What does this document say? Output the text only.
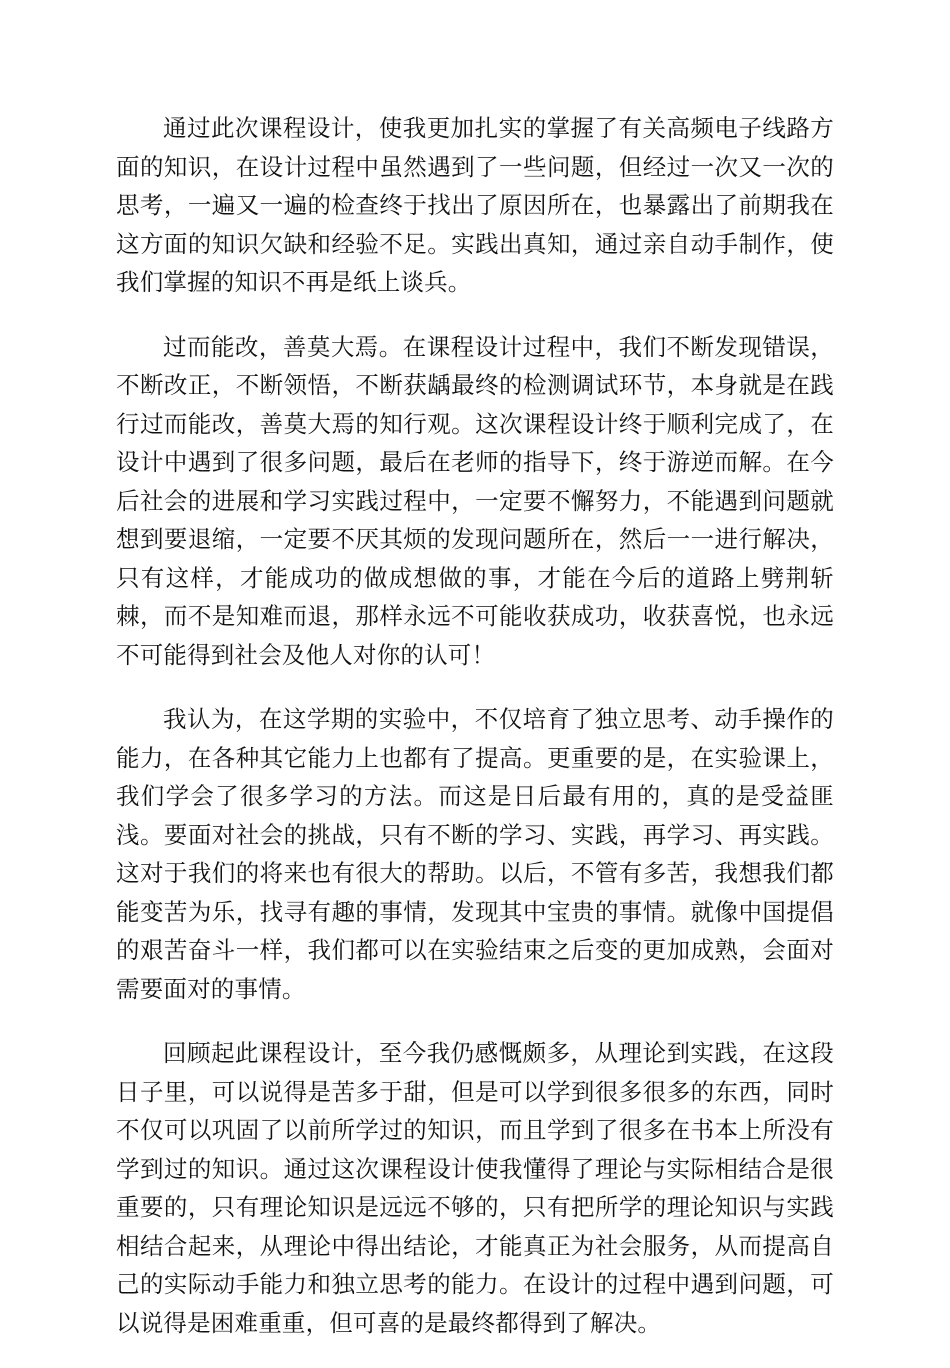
通过此次课程设计，使我更加扎实的掌握了有关高频电子线路方面的知识，在设计过程中虽然遇到了一些问题，但经过一次又一次的思考，一遍又一遍的检查终于找出了原因所在，也暴露出了前期我在这方面的知识欠缺和经验不足。实践出真知，通过亲自动手制作，使我们掌握的知识不再是纸上谈兵。

过而能改，善莫大焉。在课程设计过程中，我们不断发现错误，不断改正，不断领悟，不断获龋最终的检测调试环节，本身就是在践行过而能改，善莫大焉的知行观。这次课程设计终于顺利完成了，在设计中遇到了很多问题，最后在老师的指导下，终于游逆而解。在今后社会的进展和学习实践过程中，一定要不懈努力，不能遇到问题就想到要退缩，一定要不厌其烦的发现问题所在，然后一一进行解决，只有这样，才能成功的做成想做的事，才能在今后的道路上劈荆斩棘，而不是知难而退，那样永远不可能收获成功，收获喜悦，也永远不可能得到社会及他人对你的认可！

我认为，在这学期的实验中，不仅培育了独立思考、动手操作的能力，在各种其它能力上也都有了提高。更重要的是，在实验课上，我们学会了很多学习的方法。而这是日后最有用的，真的是受益匪浅。要面对社会的挑战，只有不断的学习、实践，再学习、再实践。这对于我们的将来也有很大的帮助。以后，不管有多苦，我想我们都能变苦为乐，找寻有趣的事情，发现其中宝贵的事情。就像中国提倡的艰苦奋斗一样，我们都可以在实验结束之后变的更加成熟，会面对需要面对的事情。

回顾起此课程设计，至今我仍感慨颇多，从理论到实践，在这段日子里，可以说得是苦多于甜，但是可以学到很多很多的东西，同时不仅可以巩固了以前所学过的知识，而且学到了很多在书本上所没有学到过的知识。通过这次课程设计使我懂得了理论与实际相结合是很重要的，只有理论知识是远远不够的，只有把所学的理论知识与实践相结合起来，从理论中得出结论，才能真正为社会服务，从而提高自己的实际动手能力和独立思考的能力。在设计的过程中遇到问题，可以说得是困难重重，但可喜的是最终都得到了解决。
